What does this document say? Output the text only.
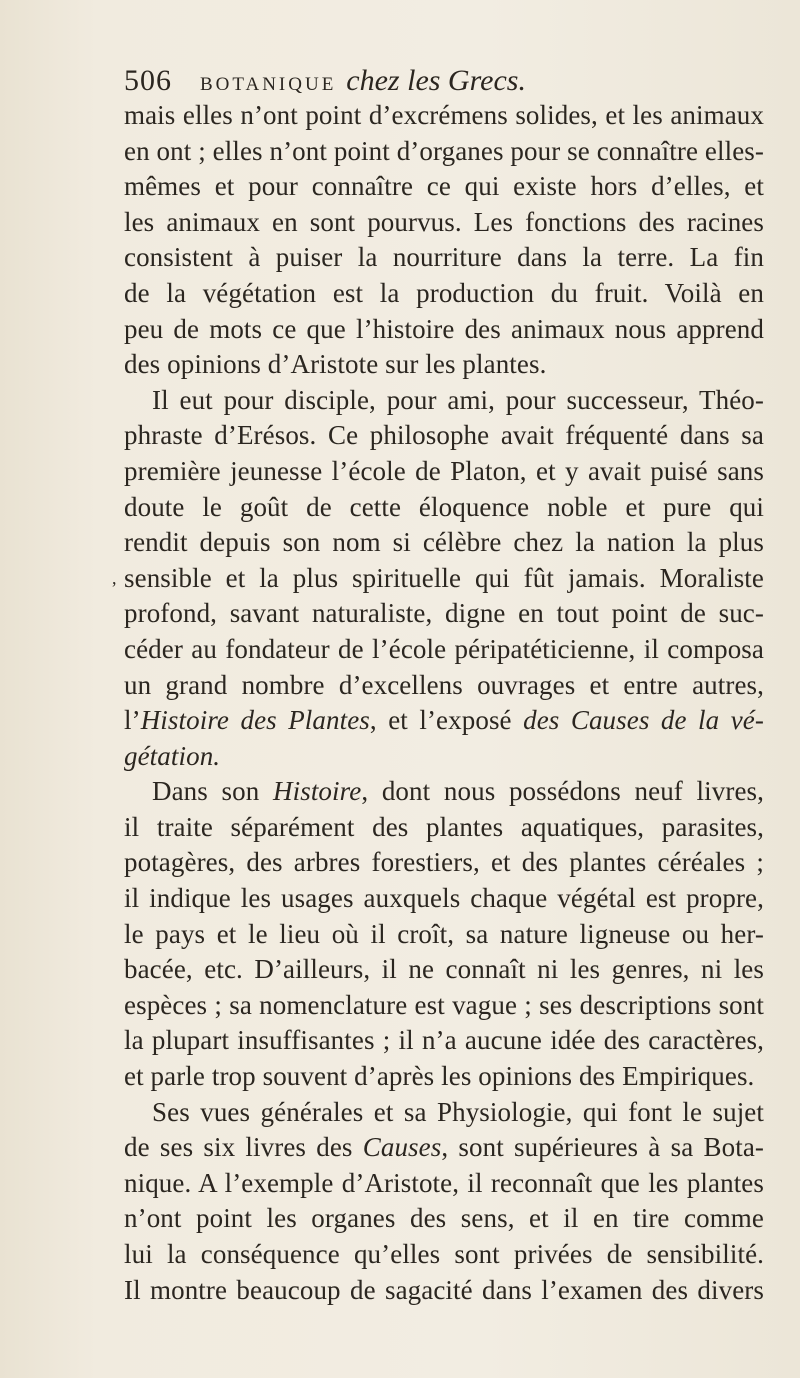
506 BOTANIQUE chez les Grecs.
mais elles n’ont point d’excrémens solides, et les animaux
en ont ; elles n’ont point d’organes pour se connaître elles-
mêmes et pour connaître ce qui existe hors d’elles, et
les animaux en sont pourvus. Les fonctions des racines
consistent à puiser la nourriture dans la terre. La fin
de la végétation est la production du fruit. Voilà en
peu de mots ce que l’histoire des animaux nous apprend
des opinions d’Aristote sur les plantes.
Il eut pour disciple, pour ami, pour successeur, Théo-
phraste d’Erésos. Ce philosophe avait fréquenté dans sa
première jeunesse l’école de Platon, et y avait puisé sans
doute le goût de cette éloquence noble et pure qui
rendit depuis son nom si célèbre chez la nation la plus
, sensible et la plus spirituelle qui fût jamais. Moraliste
profond, savant naturaliste, digne en tout point de suc-
céder au fondateur de l’école péripatéticienne, il composa
un grand nombre d’excellens ouvrages et entre autres,
l’Histoire des Plantes, et l’exposé des Causes de la vé-
gétation.
Dans son Histoire, dont nous possédons neuf livres,
il traite séparément des plantes aquatiques, parasites,
potagères, des arbres forestiers, et des plantes céréales ;
il indique les usages auxquels chaque végétal est propre,
le pays et le lieu où il croît, sa nature ligneuse ou her-
bacée, etc. D’ailleurs, il ne connaît ni les genres, ni les
espèces ; sa nomenclature est vague ; ses descriptions sont
la plupart insuffisantes ; il n’a aucune idée des caractères,
et parle trop souvent d’après les opinions des Empiriques.
Ses vues générales et sa Physiologie, qui font le sujet
de ses six livres des Causes, sont supérieures à sa Bota-
nique. A l’exemple d’Aristote, il reconnaît que les plantes
n’ont point les organes des sens, et il en tire comme
lui la conséquence qu’elles sont privées de sensibilité.
Il montre beaucoup de sagacité dans l’examen des divers
